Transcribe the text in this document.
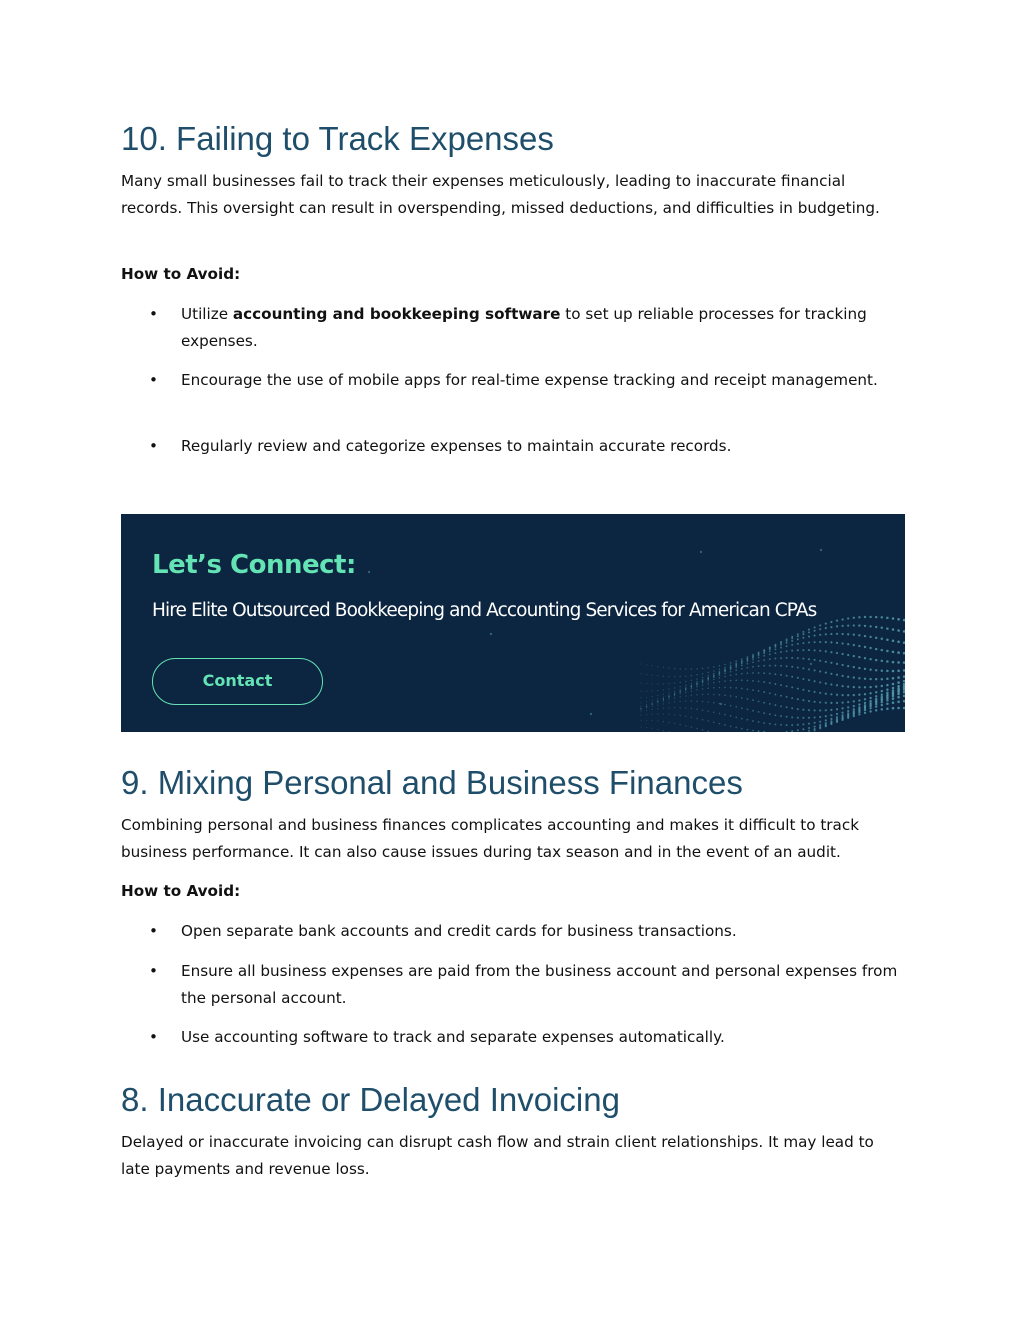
10. Failing to Track Expenses

Many small businesses fail to track their expenses meticulously, leading to inaccurate financial records. This oversight can result in overspending, missed deductions, and difficulties in budgeting.

How to Avoid:

• Utilize accounting and bookkeeping software to set up reliable processes for tracking expenses.
• Encourage the use of mobile apps for real-time expense tracking and receipt management.
• Regularly review and categorize expenses to maintain accurate records.
Let’s Connect:
Hire Elite Outsourced Bookkeeping and Accounting Services for American CPAs
Contact
9. Mixing Personal and Business Finances

Combining personal and business finances complicates accounting and makes it difficult to track business performance. It can also cause issues during tax season and in the event of an audit.

How to Avoid:

• Open separate bank accounts and credit cards for business transactions.
• Ensure all business expenses are paid from the business account and personal expenses from the personal account.
• Use accounting software to track and separate expenses automatically.
8. Inaccurate or Delayed Invoicing

Delayed or inaccurate invoicing can disrupt cash flow and strain client relationships. It may lead to late payments and revenue loss.
